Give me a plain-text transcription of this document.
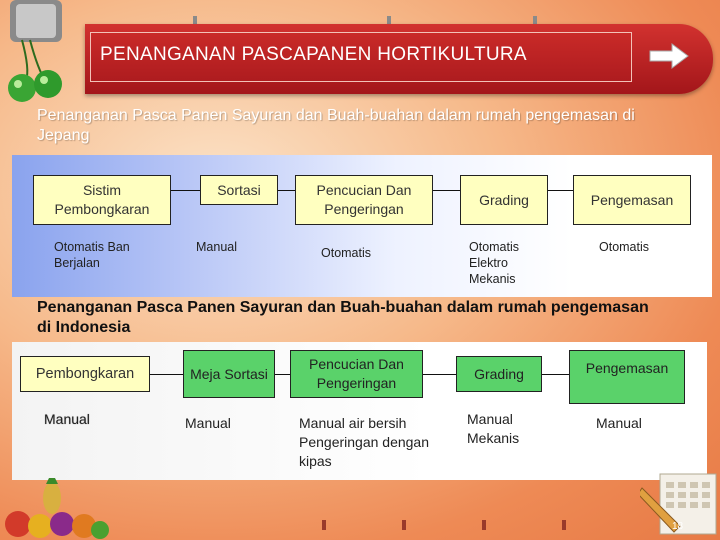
PENANGANAN PASCAPANEN HORTIKULTURA
Penanganan Pasca Panen Sayuran dan Buah-buahan dalam rumah pengemasan di Jepang
Sistim Pembongkaran
Sortasi	Pencucian Dan Pengeringan
Grading	Pengemasan
Otomatis Ban Berjalan
Manual	Otomatis	Otomatis Elektro Mekanis
Otomatis
Penanganan Pasca Panen Sayuran dan Buah-buahan dalam rumah pengemasan di Indonesia
Pembongkaran	Meja Sortasi
Pencucian Dan Pengeringan
Grading	Pengemasan
Manual	Manual	Manual air bersih Pengeringan dengan kipas
Manual Mekanis
Manual
18
